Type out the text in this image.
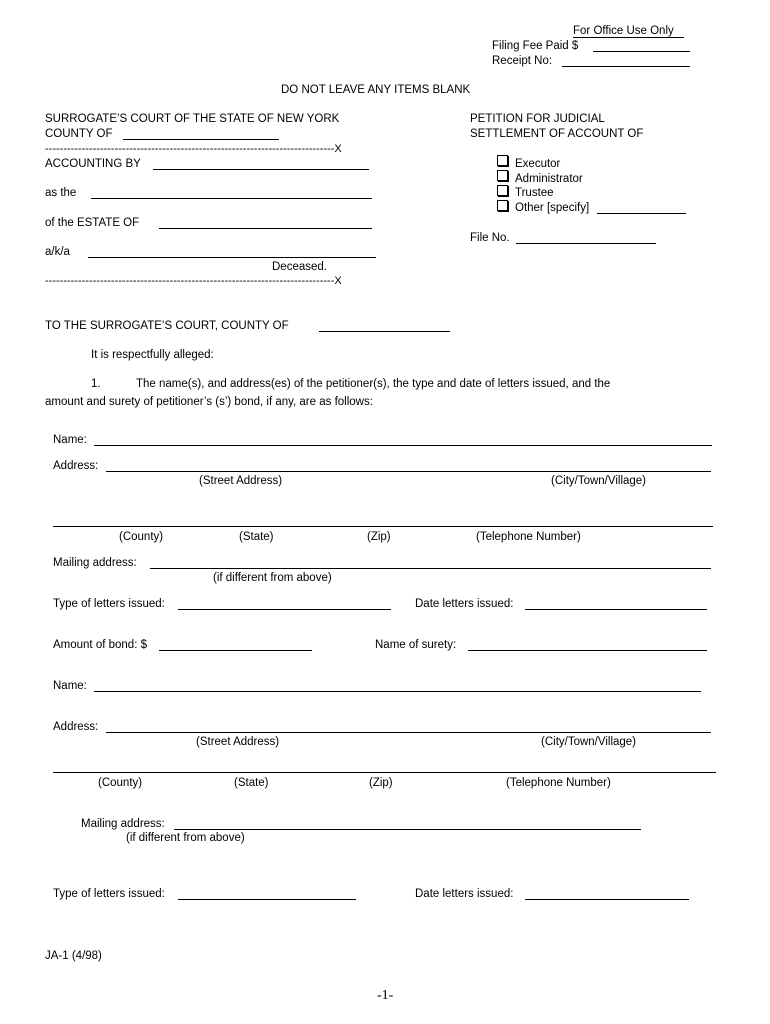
For Office Use Only
Filing Fee Paid $
Receipt No:
DO NOT LEAVE ANY ITEMS BLANK
SURROGATE’S COURT OF THE STATE OF NEW YORK
COUNTY OF
PETITION FOR JUDICIAL
SETTLEMENT OF ACCOUNT OF
-------------------------------------------------------------------------------X
ACCOUNTING BY
as the
of the ESTATE OF
a/k/a
Deceased.
-------------------------------------------------------------------------------X
Executor
Administrator
Trustee
Other [specify]
File No.
TO THE SURROGATE’S COURT, COUNTY OF
It is respectfully alleged:
1.	The name(s), and address(es) of the petitioner(s), the type and date of letters issued, and the
amount and surety of petitioner’s (s’) bond, if any, are as follows:
Name:
Address:
(Street Address)	(City/Town/Village)
(County)	(State)	(Zip)	(Telephone Number)
Mailing address:
(if different from above)
Type of letters issued:	Date letters issued:
Amount of bond: $	Name of surety:
Name:
Address:
(Street Address)	(City/Town/Village)
(County)	(State)	(Zip)	(Telephone Number)
Mailing address:
(if different from above)
Type of letters issued:	Date letters issued:
JA-1 (4/98)
-1-
